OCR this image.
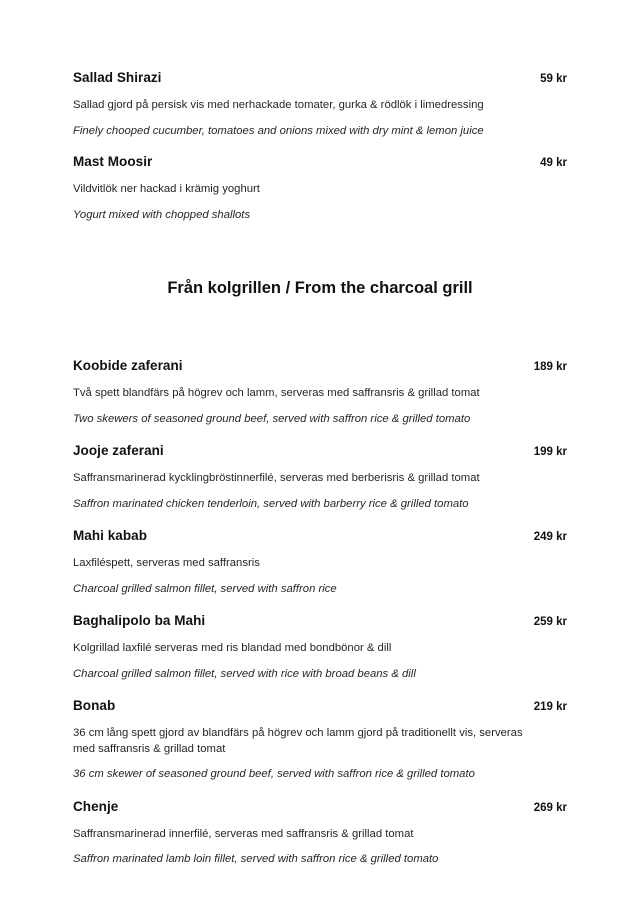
Sallad Shirazi	59 kr
Sallad gjord på persisk vis med nerhackade tomater, gurka & rödlök i limedressing
Finely chooped cucumber, tomatoes and onions mixed with dry mint & lemon juice
Mast Moosir	49 kr
Vildvitlök ner hackad i krämig yoghurt
Yogurt mixed with chopped shallots
Från kolgrillen / From the charcoal grill
Koobide zaferani	189 kr
Två spett blandfärs på högrev och lamm, serveras med saffransris & grillad tomat
Two skewers of seasoned ground beef, served with saffron rice & grilled tomato
Jooje zaferani	199 kr
Saffransmarinerad kycklingbröstinnerfilé, serveras med berberisris & grillad tomat
Saffron marinated chicken tenderloin, served with barberry rice & grilled tomato
Mahi kabab	249 kr
Laxfiléspett, serveras med saffransris
Charcoal grilled salmon fillet, served with saffron rice
Baghalipolo ba Mahi	259 kr
Kolgrillad laxfilé serveras med ris blandad med bondbönor & dill
Charcoal grilled salmon fillet, served with rice with broad beans & dill
Bonab	219 kr
36 cm lång spett gjord av blandfärs på högrev och lamm gjord på traditionellt vis, serveras med saffransris & grillad tomat
36 cm skewer of seasoned ground beef, served with saffron rice & grilled tomato
Chenje	269 kr
Saffransmarinerad innerfilé, serveras med saffransris & grillad tomat
Saffron marinated lamb loin fillet, served with saffron rice & grilled tomato
